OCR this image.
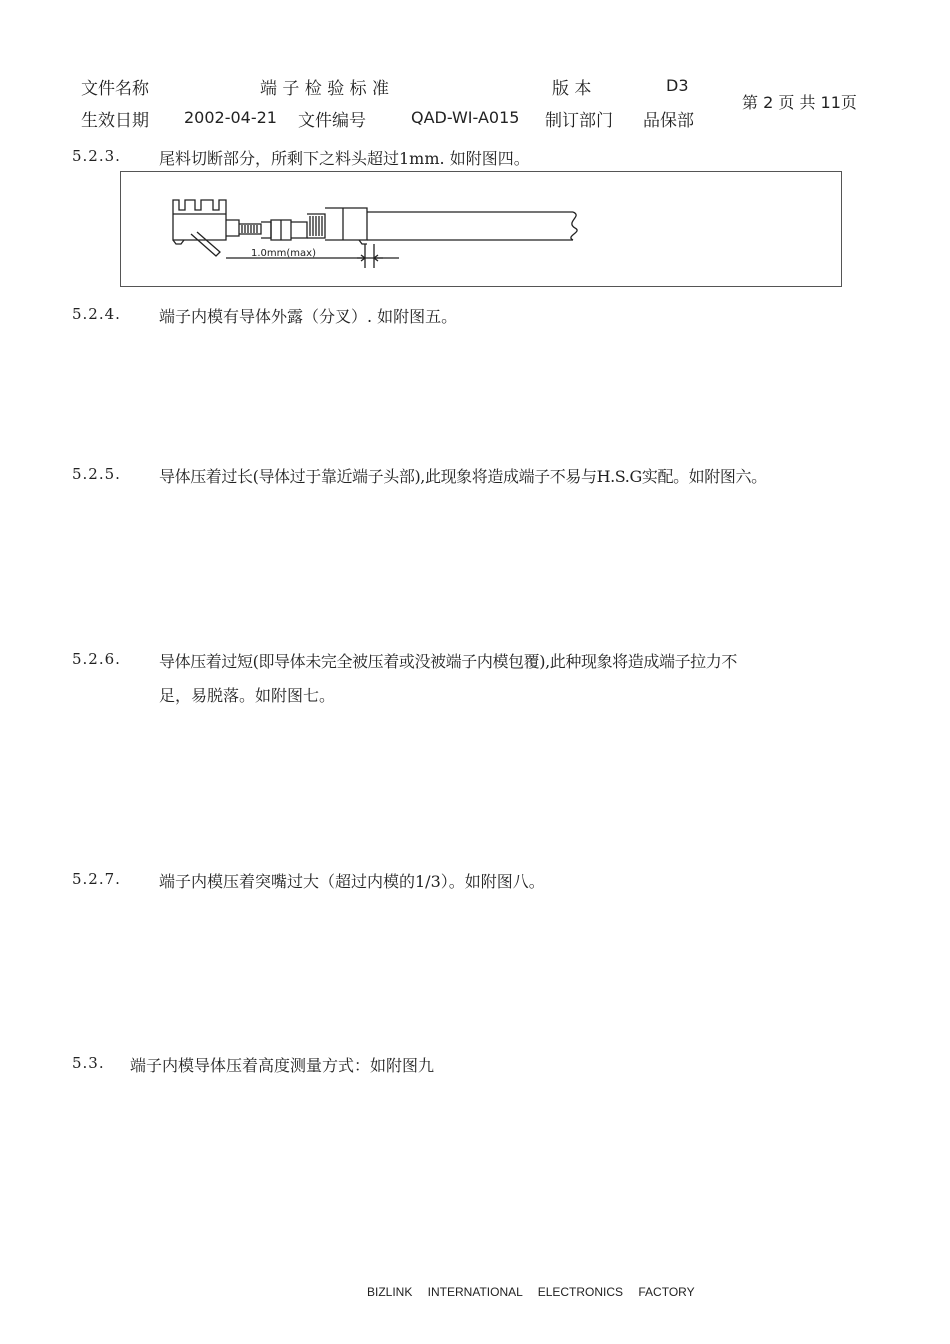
文件名称	端 子 检 验 标 准	版 本	D3
生效日期 2002-04-21 文件编号	QAD-WI-A015 制订部门 品保部
第 2 页 共 11页
5.2.3. 尾料切断部分，所剩下之料头超过1mm. 如附图四。
1.0mm(max)
5.2.4. 端子内模有导体外露（分叉）. 如附图五。
5.2.5. 导体压着过长(导体过于靠近端子头部),此现象将造成端子不易与H.S.G实配。如附图六。
5.2.6. 导体压着过短(即导体未完全被压着或没被端子内模包覆),此种现象将造成端子拉力不
足，易脱落。如附图七。
5.2.7. 端子内模压着突嘴过大（超过内模的1/3）。如附图八。
5.3. 端子内模导体压着高度测量方式：如附图九
BIZLINK INTERNATIONAL ELECTRONICS FACTORY
